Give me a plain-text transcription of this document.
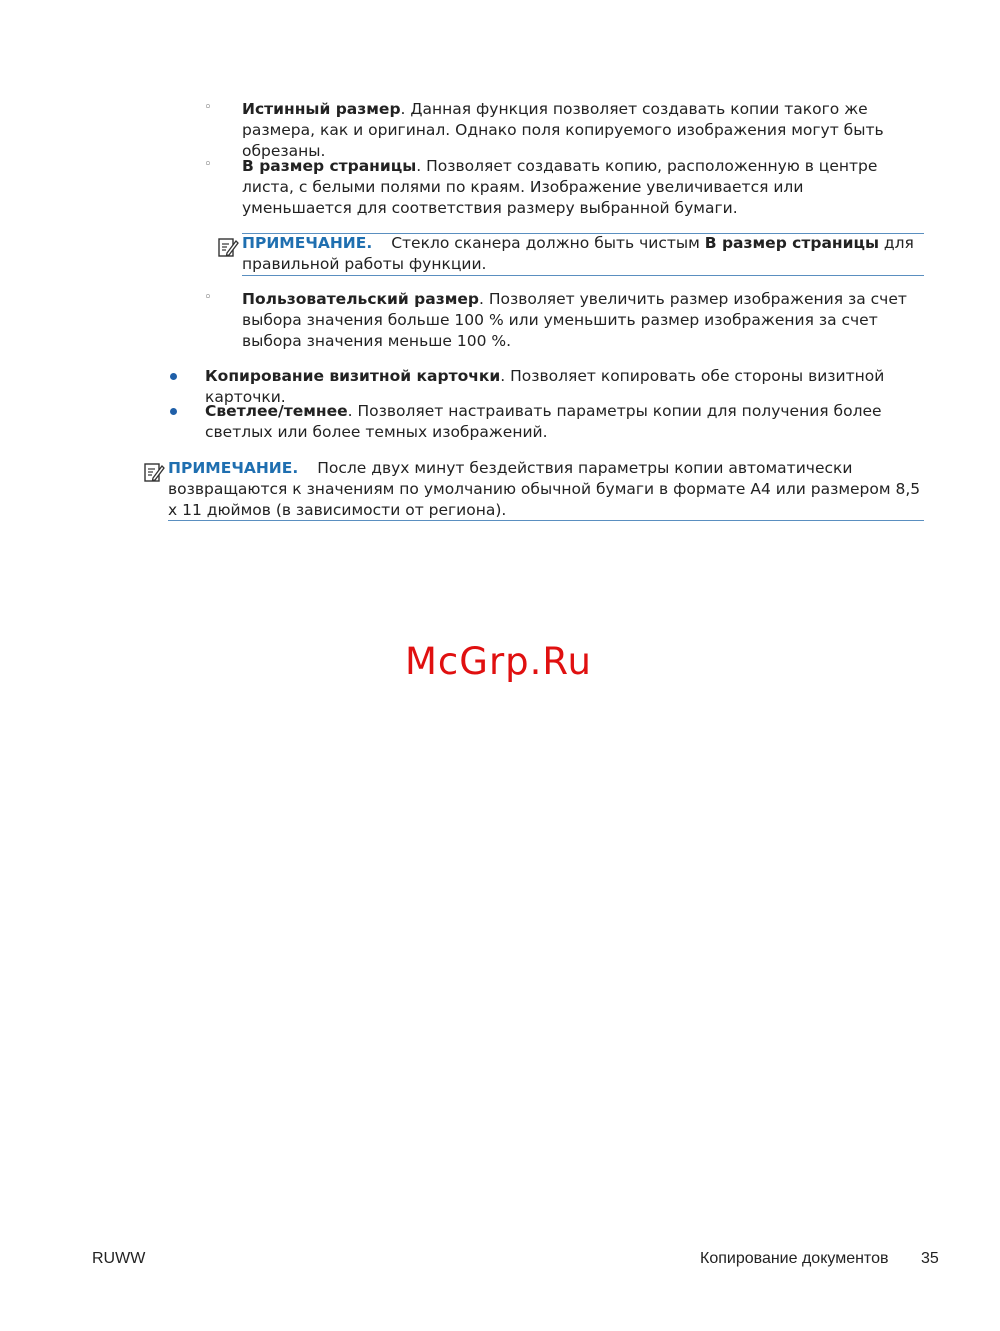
◦ Истинный размер. Данная функция позволяет создавать копии такого же размера, как и оригинал. Однако поля копируемого изображения могут быть обрезаны.
◦ В размер страницы. Позволяет создавать копию, расположенную в центре листа, с белыми полями по краям. Изображение увеличивается или уменьшается для соответствия размеру выбранной бумаги.
ПРИМЕЧАНИЕ. Стекло сканера должно быть чистым В размер страницы для правильной работы функции.
◦ Пользовательский размер. Позволяет увеличить размер изображения за счет выбора значения больше 100 % или уменьшить размер изображения за счет выбора значения меньше 100 %.
Копирование визитной карточки. Позволяет копировать обе стороны визитной карточки.
Светлее/темнее. Позволяет настраивать параметры копии для получения более светлых или более темных изображений.
ПРИМЕЧАНИЕ. После двух минут бездействия параметры копии автоматически возвращаются к значениям по умолчанию обычной бумаги в формате A4 или размером 8,5 x 11 дюймов (в зависимости от региона).
McGrp.Ru
RUWW	Копирование документов 35
